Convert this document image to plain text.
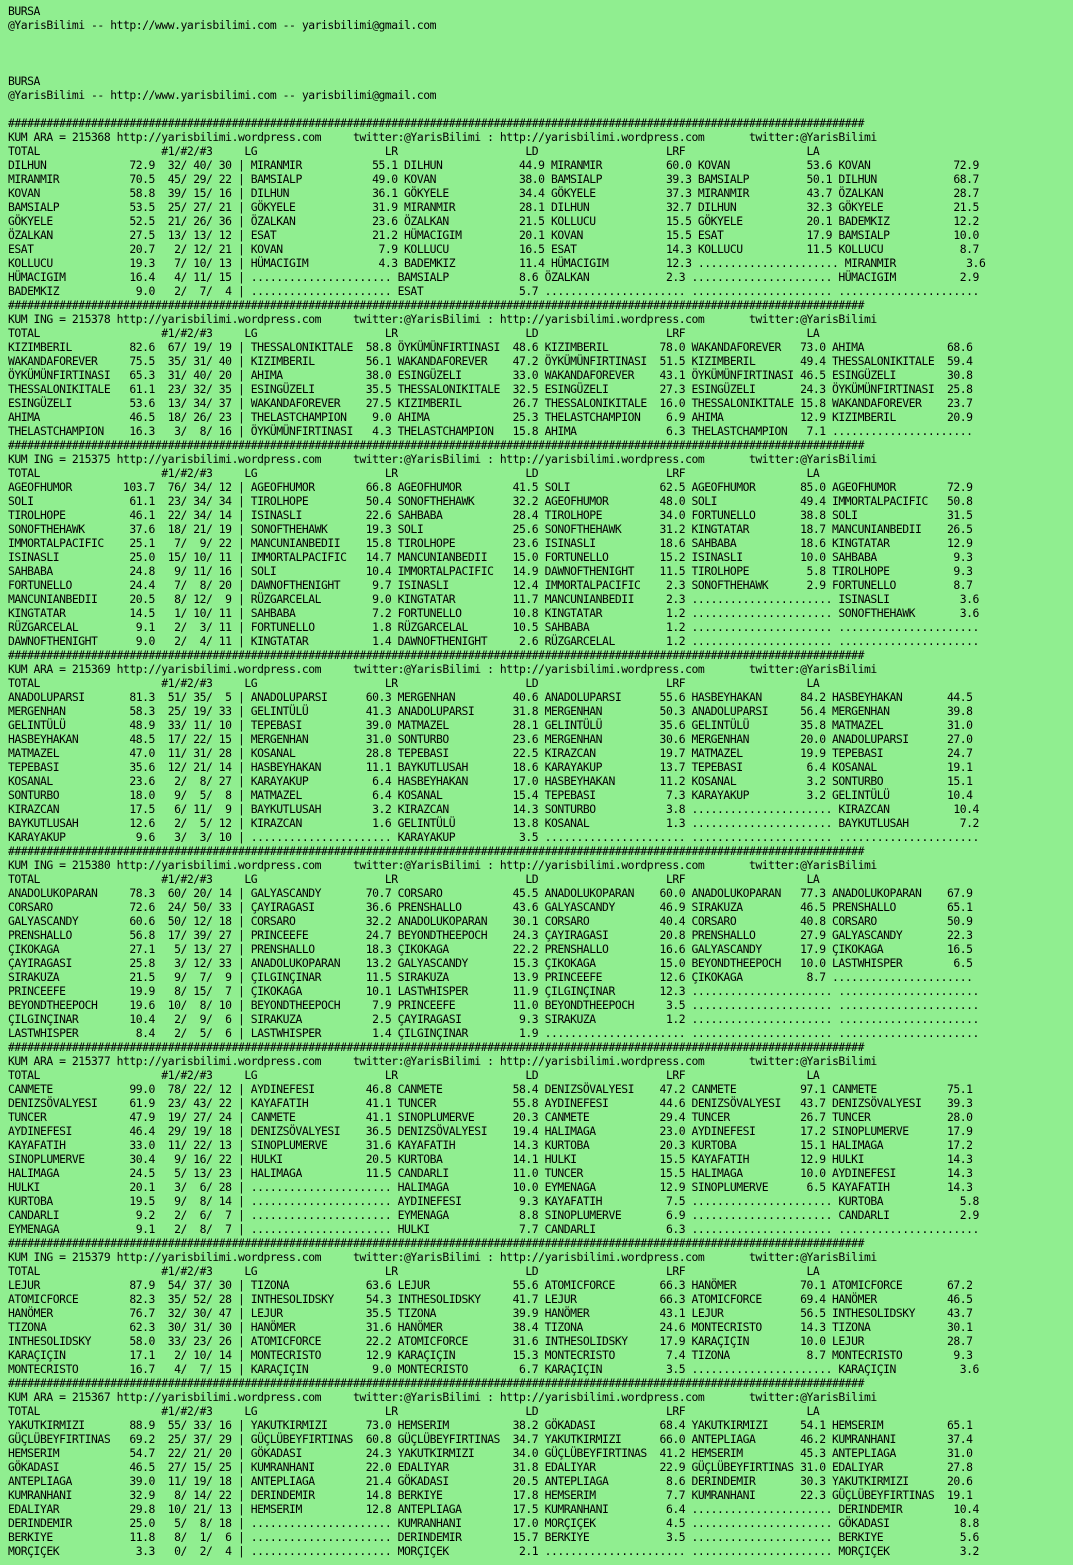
BURSA
@YarisBilimi -- http://www.yarisbilimi.com -- yarisbilimi@gmail.com
BURSA
@YarisBilimi -- http://www.yarisbilimi.com -- yarisbilimi@gmail.com
######################################################################################################################################
KUM ARA = 215368 http://yarisbilimi.wordpress.com     twitter:@YarisBilimi : http://yarisbilimi.wordpress.com       twitter:@YarisBilimi
TOTAL                   #1/#2/#3     LG                    LR                    LD                    LRF                   LA
DILHUN             72.9  32/ 40/ 30 | MIRANMIR           55.1 DILHUN            44.9 MIRANMIR          60.0 KOVAN            53.6 KOVAN             72.9
MIRANMIR           70.5  45/ 29/ 22 | BAMSIALP           49.0 KOVAN             38.0 BAMSIALP          39.3 BAMSIALP         50.1 DILHUN            68.7
KOVAN              58.8  39/ 15/ 16 | DILHUN             36.1 GÖKYELE           34.4 GÖKYELE           37.3 MIRANMIR         43.7 ÖZALKAN           28.7
BAMSIALP           53.5  25/ 27/ 21 | GÖKYELE            31.9 MIRANMIR          28.1 DILHUN            32.7 DILHUN           32.3 GÖKYELE           21.5
GÖKYELE            52.5  21/ 26/ 36 | ÖZALKAN            23.6 ÖZALKAN           21.5 KOLLUCU           15.5 GÖKYELE          20.1 BADEMKIZ          12.2
ÖZALKAN            27.5  13/ 13/ 12 | ESAT               21.2 HÜMACIGIM         20.1 KOVAN             15.5 ESAT             17.9 BAMSIALP          10.0
ESAT               20.7   2/ 12/ 21 | KOVAN               7.9 KOLLUCU           16.5 ESAT              14.3 KOLLUCU          11.5 KOLLUCU            8.7
KOLLUCU            19.3   7/ 10/ 13 | HÜMACIGIM           4.3 BADEMKIZ          11.4 HÜMACIGIM         12.3 ...................... MIRANMIR           3.6
HÜMACIGIM          16.4   4/ 11/ 15 | ...................... BAMSIALP           8.6 ÖZALKAN            2.3 ...................... HÜMACIGIM          2.9
BADEMKIZ            9.0   2/  7/  4 | ...................... ESAT               5.7 ...................... ...................... ......................
######################################################################################################################################
KUM ING = 215378 http://yarisbilimi.wordpress.com     twitter:@YarisBilimi : http://yarisbilimi.wordpress.com       twitter:@YarisBilimi
TOTAL                   #1/#2/#3     LG                    LR                    LD                    LRF                   LA
KIZIMBERIL         82.6  67/ 19/ 19 | THESSALONIKITALE  58.8 ÖYKÜMÜNFIRTINASI  48.6 KIZIMBERIL        78.0 WAKANDAFOREVER   73.0 AHIMA             68.6
WAKANDAFOREVER     75.5  35/ 31/ 40 | KIZIMBERIL        56.1 WAKANDAFOREVER    47.2 ÖYKÜMÜNFIRTINASI  51.5 KIZIMBERIL       49.4 THESSALONIKITALE  59.4
ÖYKÜMÜNFIRTINASI   65.3  31/ 40/ 20 | AHIMA             38.0 ESINGÜZELI        33.0 WAKANDAFOREVER    43.1 ÖYKÜMÜNFIRTINASI 46.5 ESINGÜZELI        30.8
THESSALONIKITALE   61.1  23/ 32/ 35 | ESINGÜZELI        35.5 THESSALONIKITALE  32.5 ESINGÜZELI        27.3 ESINGÜZELI       24.3 ÖYKÜMÜNFIRTINASI  25.8
ESINGÜZELI         53.6  13/ 34/ 37 | WAKANDAFOREVER    27.5 KIZIMBERIL        26.7 THESSALONIKITALE  16.0 THESSALONIKITALE 15.8 WAKANDAFOREVER    23.7
AHIMA              46.5  18/ 26/ 23 | THELASTCHAMPION    9.0 AHIMA             25.3 THELASTCHAMPION    6.9 AHIMA            12.9 KIZIMBERIL        20.9
THELASTCHAMPION    16.3   3/  8/ 16 | ÖYKÜMÜNFIRTINASI   4.3 THELASTCHAMPION   15.8 AHIMA              6.3 THELASTCHAMPION   7.1 ......................
######################################################################################################################################
KUM ING = 215375 http://yarisbilimi.wordpress.com     twitter:@YarisBilimi : http://yarisbilimi.wordpress.com       twitter:@YarisBilimi
TOTAL                   #1/#2/#3     LG                    LR                    LD                    LRF                   LA
AGEOFHUMOR        103.7  76/ 34/ 12 | AGEOFHUMOR        66.8 AGEOFHUMOR        41.5 SOLI              62.5 AGEOFHUMOR       85.0 AGEOFHUMOR        72.9
SOLI               61.1  23/ 34/ 34 | TIROLHOPE         50.4 SONOFTHEHAWK      32.2 AGEOFHUMOR        48.0 SOLI             49.4 IMMORTALPACIFIC   50.8
TIROLHOPE          46.1  22/ 34/ 14 | ISINASLI          22.6 SAHBABA           28.4 TIROLHOPE         34.0 FORTUNELLO       38.8 SOLI              31.5
SONOFTHEHAWK       37.6  18/ 21/ 19 | SONOFTHEHAWK      19.3 SOLI              25.6 SONOFTHEHAWK      31.2 KINGTATAR        18.7 MANCUNIANBEDII    26.5
IMMORTALPACIFIC    25.1   7/  9/ 22 | MANCUNIANBEDII    15.8 TIROLHOPE         23.6 ISINASLI          18.6 SAHBABA          18.6 KINGTATAR         12.9
ISINASLI           25.0  15/ 10/ 11 | IMMORTALPACIFIC   14.7 MANCUNIANBEDII    15.0 FORTUNELLO        15.2 ISINASLI         10.0 SAHBABA            9.3
SAHBABA            24.8   9/ 11/ 16 | SOLI              10.4 IMMORTALPACIFIC   14.9 DAWNOFTHENIGHT    11.5 TIROLHOPE         5.8 TIROLHOPE          9.3
FORTUNELLO         24.4   7/  8/ 20 | DAWNOFTHENIGHT     9.7 ISINASLI          12.4 IMMORTALPACIFIC    2.3 SONOFTHEHAWK      2.9 FORTUNELLO         8.7
MANCUNIANBEDII     20.5   8/ 12/  9 | RÜZGARCELAL        9.0 KINGTATAR         11.7 MANCUNIANBEDII     2.3 ...................... ISINASLI           3.6
KINGTATAR          14.5   1/ 10/ 11 | SAHBABA            7.2 FORTUNELLO        10.8 KINGTATAR          1.2 ...................... SONOFTHEHAWK       3.6
RÜZGARCELAL         9.1   2/  3/ 11 | FORTUNELLO         1.8 RÜZGARCELAL       10.5 SAHBABA            1.2 ...................... ......................
DAWNOFTHENIGHT      9.0   2/  4/ 11 | KINGTATAR          1.4 DAWNOFTHENIGHT     2.6 RÜZGARCELAL        1.2 ...................... ......................
######################################################################################################################################
KUM ARA = 215369 http://yarisbilimi.wordpress.com     twitter:@YarisBilimi : http://yarisbilimi.wordpress.com       twitter:@YarisBilimi
TOTAL                   #1/#2/#3     LG                    LR                    LD                    LRF                   LA
ANADOLUPARSI       81.3  51/ 35/  5 | ANADOLUPARSI      60.3 MERGENHAN         40.6 ANADOLUPARSI      55.6 HASBEYHAKAN      84.2 HASBEYHAKAN       44.5
MERGENHAN          58.3  25/ 19/ 33 | GELINTÜLÜ         41.3 ANADOLUPARSI      31.8 MERGENHAN         50.3 ANADOLUPARSI     56.4 MERGENHAN         39.8
GELINTÜLÜ          48.9  33/ 11/ 10 | TEPEBASI          39.0 MATMAZEL          28.1 GELINTÜLÜ         35.6 GELINTÜLÜ        35.8 MATMAZEL          31.0
HASBEYHAKAN        48.5  17/ 22/ 15 | MERGENHAN         31.0 SONTURBO          23.6 MERGENHAN         30.6 MERGENHAN        20.0 ANADOLUPARSI      27.0
MATMAZEL           47.0  11/ 31/ 28 | KOSANAL           28.8 TEPEBASI          22.5 KIRAZCAN          19.7 MATMAZEL         19.9 TEPEBASI          24.7
TEPEBASI           35.6  12/ 21/ 14 | HASBEYHAKAN       11.1 BAYKUTLUSAH       18.6 KARAYAKUP         13.7 TEPEBASI          6.4 KOSANAL           19.1
KOSANAL            23.6   2/  8/ 27 | KARAYAKUP          6.4 HASBEYHAKAN       17.0 HASBEYHAKAN       11.2 KOSANAL           3.2 SONTURBO          15.1
SONTURBO           18.0   9/  5/  8 | MATMAZEL           6.4 KOSANAL           15.4 TEPEBASI           7.3 KARAYAKUP         3.2 GELINTÜLÜ         10.4
KIRAZCAN           17.5   6/ 11/  9 | BAYKUTLUSAH        3.2 KIRAZCAN          14.3 SONTURBO           3.8 ...................... KIRAZCAN          10.4
BAYKUTLUSAH        12.6   2/  5/ 12 | KIRAZCAN           1.6 GELINTÜLÜ         13.8 KOSANAL            1.3 ...................... BAYKUTLUSAH        7.2
KARAYAKUP           9.6   3/  3/ 10 | ...................... KARAYAKUP          3.5 ...................... ...................... ......................
######################################################################################################################################
KUM ING = 215380 http://yarisbilimi.wordpress.com     twitter:@YarisBilimi : http://yarisbilimi.wordpress.com       twitter:@YarisBilimi
TOTAL                   #1/#2/#3     LG                    LR                    LD                    LRF                   LA
ANADOLUKOPARAN     78.3  60/ 20/ 14 | GALYASCANDY       70.7 CORSARO           45.5 ANADOLUKOPARAN    60.0 ANADOLUKOPARAN   77.3 ANADOLUKOPARAN    67.9
CORSARO            72.6  24/ 50/ 33 | ÇAYIRAGASI        36.6 PRENSHALLO        43.6 GALYASCANDY       46.9 SIRAKUZA         46.5 PRENSHALLO        65.1
GALYASCANDY        60.6  50/ 12/ 18 | CORSARO           32.2 ANADOLUKOPARAN    30.1 CORSARO           40.4 CORSARO          40.8 CORSARO           50.9
PRENSHALLO         56.8  17/ 39/ 27 | PRINCEEFE         24.7 BEYONDTHEEPOCH    24.3 ÇAYIRAGASI        20.8 PRENSHALLO       27.9 GALYASCANDY       22.3
ÇIKOKAGA           27.1   5/ 13/ 27 | PRENSHALLO        18.3 ÇIKOKAGA          22.2 PRENSHALLO        16.6 GALYASCANDY      17.9 ÇIKOKAGA          16.5
ÇAYIRAGASI         25.8   3/ 12/ 33 | ANADOLUKOPARAN    13.2 GALYASCANDY       15.3 ÇIKOKAGA          15.0 BEYONDTHEEPOCH   10.0 LASTWHISPER        6.5
SIRAKUZA           21.5   9/  7/  9 | ÇILGINÇINAR       11.5 SIRAKUZA          13.9 PRINCEEFE         12.6 ÇIKOKAGA          8.7 ......................
PRINCEEFE          19.9   8/ 15/  7 | ÇIKOKAGA          10.1 LASTWHISPER       11.9 ÇILGINÇINAR       12.3 ...................... ......................
BEYONDTHEEPOCH     19.6  10/  8/ 10 | BEYONDTHEEPOCH     7.9 PRINCEEFE         11.0 BEYONDTHEEPOCH     3.5 ...................... ......................
ÇILGINÇINAR        10.4   2/  9/  6 | SIRAKUZA           2.5 ÇAYIRAGASI         9.3 SIRAKUZA           1.2 ...................... ......................
LASTWHISPER         8.4   2/  5/  6 | LASTWHISPER        1.4 ÇILGINÇINAR        1.9 ...................... ...................... ......................
######################################################################################################################################
KUM ARA = 215377 http://yarisbilimi.wordpress.com     twitter:@YarisBilimi : http://yarisbilimi.wordpress.com       twitter:@YarisBilimi
TOTAL                   #1/#2/#3     LG                    LR                    LD                    LRF                   LA
CANMETE            99.0  78/ 22/ 12 | AYDINEFESI        46.8 CANMETE           58.4 DENIZSÖVALYESI    47.2 CANMETE          97.1 CANMETE           75.1
DENIZSÖVALYESI     61.9  23/ 43/ 22 | KAYAFATIH         41.1 TUNCER            55.8 AYDINEFESI        44.6 DENIZSÖVALYESI   43.7 DENIZSÖVALYESI    39.3
TUNCER             47.9  19/ 27/ 24 | CANMETE           41.1 SINOPLUMERVE      20.3 CANMETE           29.4 TUNCER           26.7 TUNCER            28.0
AYDINEFESI         46.4  29/ 19/ 18 | DENIZSÖVALYESI    36.5 DENIZSÖVALYESI    19.4 HALIMAGA          23.0 AYDINEFESI       17.2 SINOPLUMERVE      17.9
KAYAFATIH          33.0  11/ 22/ 13 | SINOPLUMERVE      31.6 KAYAFATIH         14.3 KURTOBA           20.3 KURTOBA          15.1 HALIMAGA          17.2
SINOPLUMERVE       30.4   9/ 16/ 22 | HULKI             20.5 KURTOBA           14.1 HULKI             15.5 KAYAFATIH        12.9 HULKI             14.3
HALIMAGA           24.5   5/ 13/ 23 | HALIMAGA          11.5 CANDARLI          11.0 TUNCER            15.5 HALIMAGA         10.0 AYDINEFESI        14.3
HULKI              20.1   3/  6/ 28 | ...................... HALIMAGA          10.0 EYMENAGA          12.9 SINOPLUMERVE      6.5 KAYAFATIH         14.3
KURTOBA            19.5   9/  8/ 14 | ...................... AYDINEFESI         9.3 KAYAFATIH          7.5 ...................... KURTOBA            5.8
CANDARLI            9.2   2/  6/  7 | ...................... EYMENAGA           8.8 SINOPLUMERVE       6.9 ...................... CANDARLI           2.9
EYMENAGA            9.1   2/  8/  7 | ...................... HULKI              7.7 CANDARLI           6.3 ...................... ......................
######################################################################################################################################
KUM ING = 215379 http://yarisbilimi.wordpress.com     twitter:@YarisBilimi : http://yarisbilimi.wordpress.com       twitter:@YarisBilimi
TOTAL                   #1/#2/#3     LG                    LR                    LD                    LRF                   LA
LEJUR              87.9  54/ 37/ 30 | TIZONA            63.6 LEJUR             55.6 ATOMICFORCE       66.3 HANÖMER          70.1 ATOMICFORCE       67.2
ATOMICFORCE        82.3  35/ 52/ 28 | INTHESOLIDSKY     54.3 INTHESOLIDSKY     41.7 LEJUR             66.3 ATOMICFORCE      69.4 HANÖMER           46.5
HANÖMER            76.7  32/ 30/ 47 | LEJUR             35.5 TIZONA            39.9 HANÖMER           43.1 LEJUR            56.5 INTHESOLIDSKY     43.7
TIZONA             62.3  30/ 31/ 30 | HANÖMER           31.6 HANÖMER           38.4 TIZONA            24.6 MONTECRISTO      14.3 TIZONA            30.1
INTHESOLIDSKY      58.0  33/ 23/ 26 | ATOMICFORCE       22.2 ATOMICFORCE       31.6 INTHESOLIDSKY     17.9 KARAÇIÇIN        10.0 LEJUR             28.7
KARAÇIÇIN          17.1   2/ 10/ 14 | MONTECRISTO       12.9 KARAÇIÇIN         15.3 MONTECRISTO        7.4 TIZONA            8.7 MONTECRISTO        9.3
MONTECRISTO        16.7   4/  7/ 15 | KARAÇIÇIN          9.0 MONTECRISTO        6.7 KARAÇIÇIN          3.5 ...................... KARAÇIÇIN          3.6
######################################################################################################################################
KUM ARA = 215367 http://yarisbilimi.wordpress.com     twitter:@YarisBilimi : http://yarisbilimi.wordpress.com       twitter:@YarisBilimi
TOTAL                   #1/#2/#3     LG                    LR                    LD                    LRF                   LA
YAKUTKIRMIZI       88.9  55/ 33/ 16 | YAKUTKIRMIZI      73.0 HEMSERIM          38.2 GÖKADASI          68.4 YAKUTKIRMIZI     54.1 HEMSERIM          65.1
GÜÇLÜBEYFIRTINAS   69.2  25/ 37/ 29 | GÜÇLÜBEYFIRTINAS  60.8 GÜÇLÜBEYFIRTINAS  34.7 YAKUTKIRMIZI      66.0 ANTEPLIAGA       46.2 KUMRANHANI        37.4
HEMSERIM           54.7  22/ 21/ 20 | GÖKADASI          24.3 YAKUTKIRMIZI      34.0 GÜÇLÜBEYFIRTINAS  41.2 HEMSERIM         45.3 ANTEPLIAGA        31.0
GÖKADASI           46.5  27/ 15/ 25 | KUMRANHANI        22.0 EDALIYAR          31.8 EDALIYAR          22.9 GÜÇLÜBEYFIRTINAS 31.0 EDALIYAR          27.8
ANTEPLIAGA         39.0  11/ 19/ 18 | ANTEPLIAGA        21.4 GÖKADASI          20.5 ANTEPLIAGA         8.6 DERINDEMIR       30.3 YAKUTKIRMIZI      20.6
KUMRANHANI         32.9   8/ 14/ 22 | DERINDEMIR        14.8 BERKIYE           17.8 HEMSERIM           7.7 KUMRANHANI       22.3 GÜÇLÜBEYFIRTINAS  19.1
EDALIYAR           29.8  10/ 21/ 13 | HEMSERIM          12.8 ANTEPLIAGA        17.5 KUMRANHANI         6.4 ...................... DERINDEMIR        10.4
DERINDEMIR         25.0   5/  8/ 18 | ...................... KUMRANHANI        17.0 MORÇIÇEK           4.5 ...................... GÖKADASI           8.8
BERKIYE            11.8   8/  1/  6 | ...................... DERINDEMIR        15.7 BERKIYE            3.5 ...................... BERKIYE            5.6
MORÇIÇEK            3.3   0/  2/  4 | ...................... MORÇIÇEK           2.1 ...................... ...................... MORÇIÇEK           3.2
